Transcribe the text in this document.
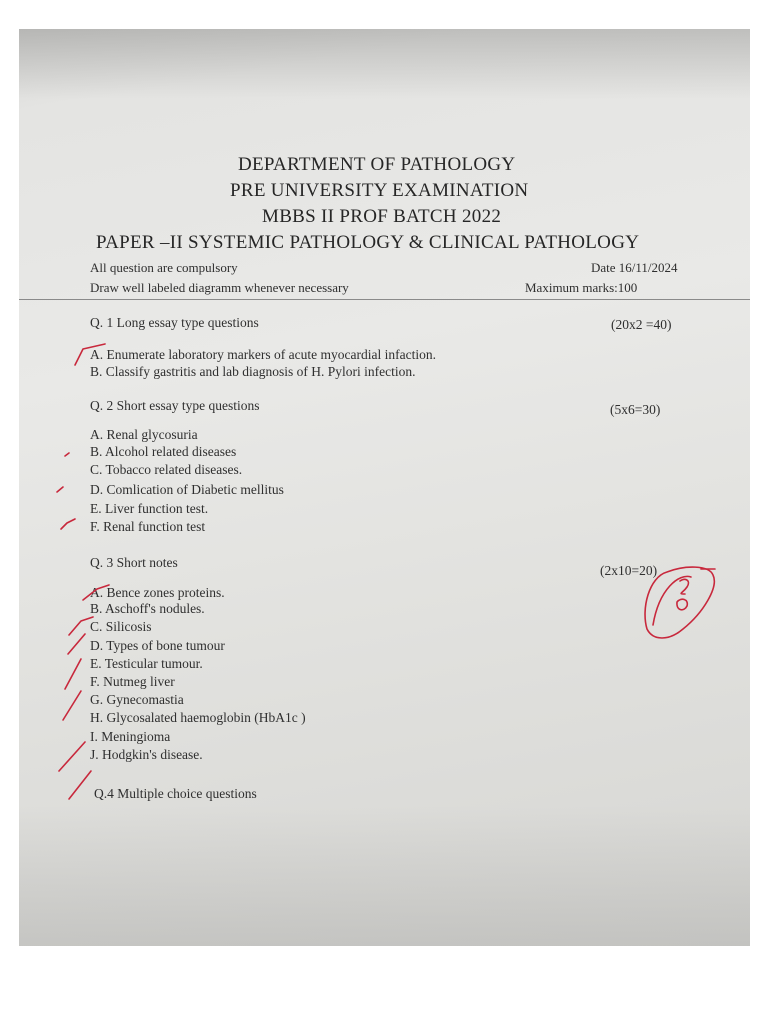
DEPARTMENT OF PATHOLOGY
PRE UNIVERSITY EXAMINATION
MBBS II PROF BATCH 2022
PAPER –II SYSTEMIC PATHOLOGY & CLINICAL PATHOLOGY
All question are compulsory	Date 16/11/2024
Draw well labeled diagramm whenever necessary	Maximum marks:100
Q. 1 Long essay type questions	(20x2 =40)
A. Enumerate laboratory markers of acute myocardial infaction.
B. Classify gastritis and lab diagnosis of H. Pylori infection.
Q. 2 Short essay type questions	(5x6=30)
A. Renal glycosuria
B. Alcohol related diseases
C. Tobacco related diseases.
D. Comlication of Diabetic mellitus
E. Liver function test.
F. Renal function test
Q. 3 Short notes
(2x10=20)
A. Bence zones proteins.
B. Aschoff's nodules.
C. Silicosis
D. Types of bone tumour
E. Testicular tumour.
F. Nutmeg liver
G. Gynecomastia
H. Glycosalated haemoglobin (HbA1c )
I. Meningioma
J. Hodgkin's disease.
Q.4 Multiple choice questions
